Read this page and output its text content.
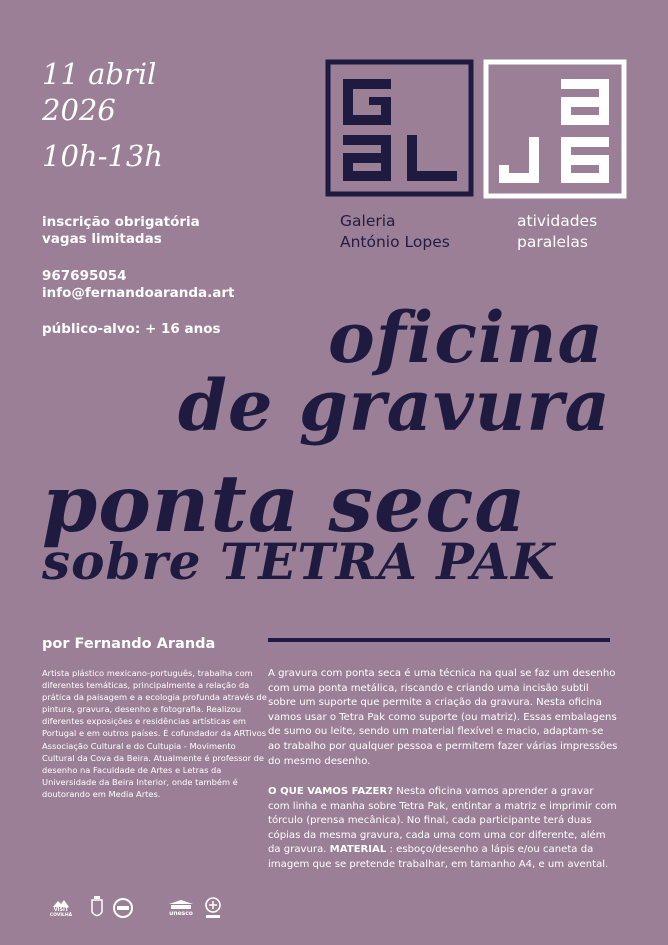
11 abril
2026
10h-13h
inscrição obrigatória
vagas limitadas
967695054
info@fernandoaranda.art
público-alvo: + 16 anos
Galeria
António Lopes
atividades
paralelas
oficina
de gravura
ponta seca
sobre TETRA PAK
por Fernando Aranda
Artista plástico mexicano-português, trabalha com diferentes temáticas, principalmente a relação da prática da paisagem e a ecologia profunda através de pintura, gravura, desenho e fotografia. Realizou diferentes exposições e residências artísticas em Portugal e em outros países. É cofundador da ARTivos Associação Cultural e do Cultupia - Movimento Cultural da Cova da Beira. Atualmente é professor de desenho na Faculdade de Artes e Letras da Universidade da Beira Interior, onde também é doutorando em Media Artes.
A gravura com ponta seca é uma técnica na qual se faz um desenho com uma ponta metálica, riscando e criando uma incisão subtil sobre um suporte que permite a criação da gravura. Nesta oficina vamos usar o Tetra Pak como suporte (ou matriz). Essas embalagens de sumo ou leite, sendo um material flexível e macio, adaptam-se ao trabalho por qualquer pessoa e permitem fazer várias impressões do mesmo desenho.
O QUE VAMOS FAZER? Nesta oficina vamos aprender a gravar com linha e manha sobre Tetra Pak, entintar a matriz e imprimir com tórculo (prensa mecânica). No final, cada participante terá duas cópias da mesma gravura, cada uma com uma cor diferente, além da gravura. MATERIAL : esboço/desenho a lápis e/ou caneta da imagem que se pretende trabalhar, em tamanho A4, e um avental.
VISIT
COVILHÃ	unesco
